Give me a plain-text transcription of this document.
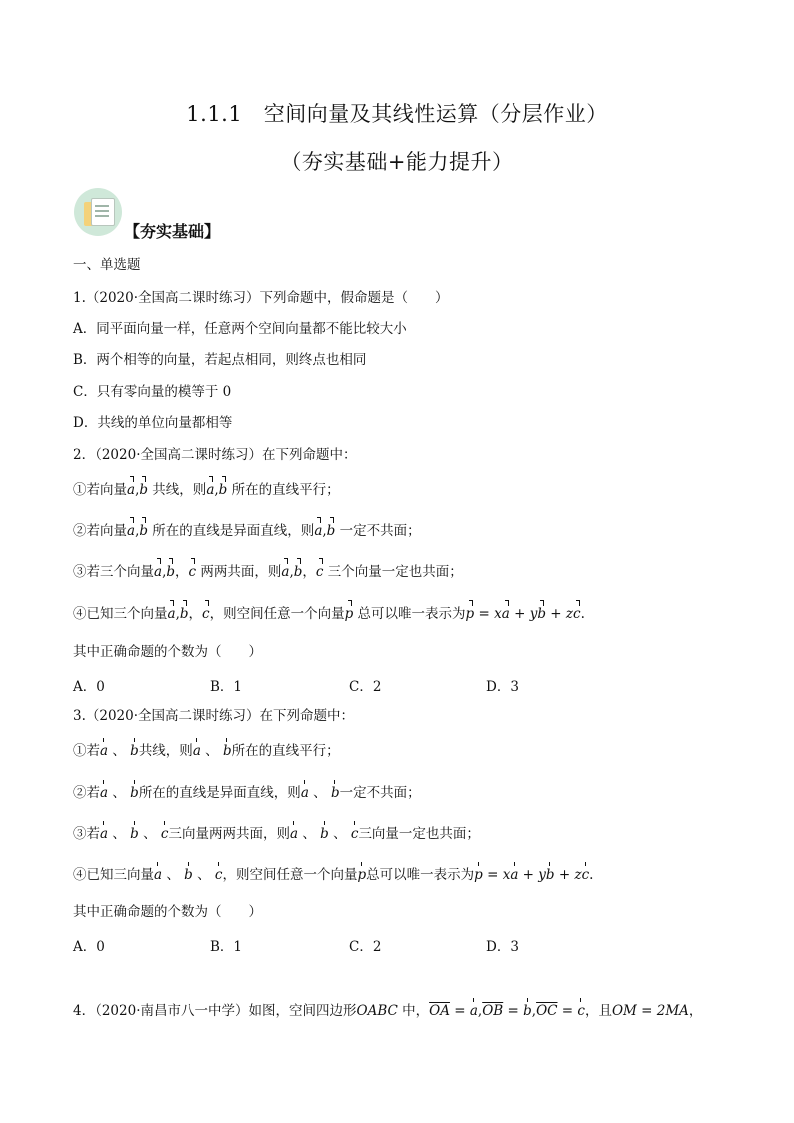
1.1.1　空间向量及其线性运算（分层作业）
（夯实基础+能力提升）
【夯实基础】
一、单选题
1.（2020·全国高二课时练习）下列命题中，假命题是（　　）
A．同平面向量一样，任意两个空间向量都不能比较大小
B．两个相等的向量，若起点相同，则终点也相同
C．只有零向量的模等于 0
D．共线的单位向量都相等
2．（2020·全国高二课时练习）在下列命题中：
①若向量a,b 共线，则a,b 所在的直线平行；
②若向量a,b 所在的直线是异面直线，则a,b 一定不共面；
③若三个向量a,b，c 两两共面，则a,b，c 三个向量一定也共面；
④已知三个向量a,b，c，则空间任意一个向量p 总可以唯一表示为p = xa + yb + zc.
其中正确命题的个数为（　　）
A．0	B．1	C．2	D．3
3.（2020·全国高二课时练习）在下列命题中：
①若a 、 b共线，则a 、 b所在的直线平行；
②若a 、 b所在的直线是异面直线，则a 、 b一定不共面；
③若a 、 b 、 c三向量两两共面，则a 、 b 、 c三向量一定也共面；
④已知三向量a 、 b 、 c，则空间任意一个向量p总可以唯一表示为p = xa + yb + zc.
其中正确命题的个数为（　　）
A．0	B．1	C．2	D．3
4．（2020·南昌市八一中学）如图，空间四边形OABC 中，$\overline{OA} = a,\overline{OB} = b,\overline{OC} = c$，且OM = 2MA，
